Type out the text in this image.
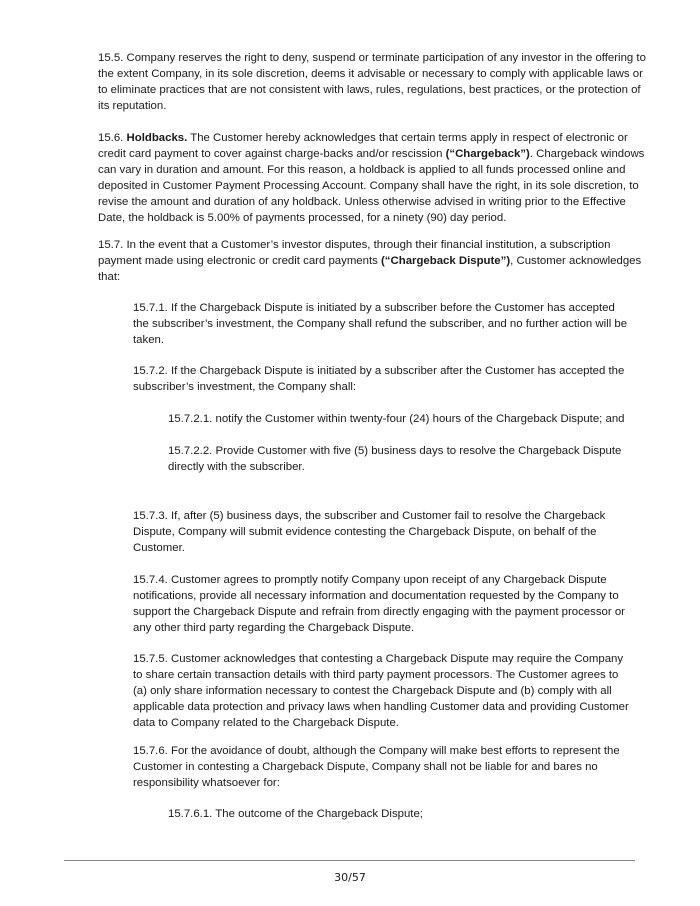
15.5. Company reserves the right to deny, suspend or terminate participation of any investor in the offering to the extent Company, in its sole discretion, deems it advisable or necessary to comply with applicable laws or to eliminate practices that are not consistent with laws, rules, regulations, best practices, or the protection of its reputation.

15.6. Holdbacks. The Customer hereby acknowledges that certain terms apply in respect of electronic or credit card payment to cover against charge-backs and/or rescission (“Chargeback”). Chargeback windows can vary in duration and amount. For this reason, a holdback is applied to all funds processed online and deposited in Customer Payment Processing Account. Company shall have the right, in its sole discretion, to revise the amount and duration of any holdback. Unless otherwise advised in writing prior to the Effective Date, the holdback is 5.00% of payments processed, for a ninety (90) day period.

15.7. In the event that a Customer’s investor disputes, through their financial institution, a subscription payment made using electronic or credit card payments (“Chargeback Dispute”), Customer acknowledges that:

15.7.1. If the Chargeback Dispute is initiated by a subscriber before the Customer has accepted the subscriber’s investment, the Company shall refund the subscriber, and no further action will be taken.

15.7.2. If the Chargeback Dispute is initiated by a subscriber after the Customer has accepted the subscriber’s investment, the Company shall:

15.7.2.1. notify the Customer within twenty-four (24) hours of the Chargeback Dispute; and

15.7.2.2. Provide Customer with five (5) business days to resolve the Chargeback Dispute directly with the subscriber.

15.7.3. If, after (5) business days, the subscriber and Customer fail to resolve the Chargeback Dispute, Company will submit evidence contesting the Chargeback Dispute, on behalf of the Customer.

15.7.4. Customer agrees to promptly notify Company upon receipt of any Chargeback Dispute notifications, provide all necessary information and documentation requested by the Company to support the Chargeback Dispute and refrain from directly engaging with the payment processor or any other third party regarding the Chargeback Dispute.

15.7.5. Customer acknowledges that contesting a Chargeback Dispute may require the Company to share certain transaction details with third party payment processors. The Customer agrees to (a) only share information necessary to contest the Chargeback Dispute and (b) comply with all applicable data protection and privacy laws when handling Customer data and providing Customer data to Company related to the Chargeback Dispute.

15.7.6. For the avoidance of doubt, although the Company will make best efforts to represent the Customer in contesting a Chargeback Dispute, Company shall not be liable for and bares no responsibility whatsoever for:

15.7.6.1. The outcome of the Chargeback Dispute;

30/57
